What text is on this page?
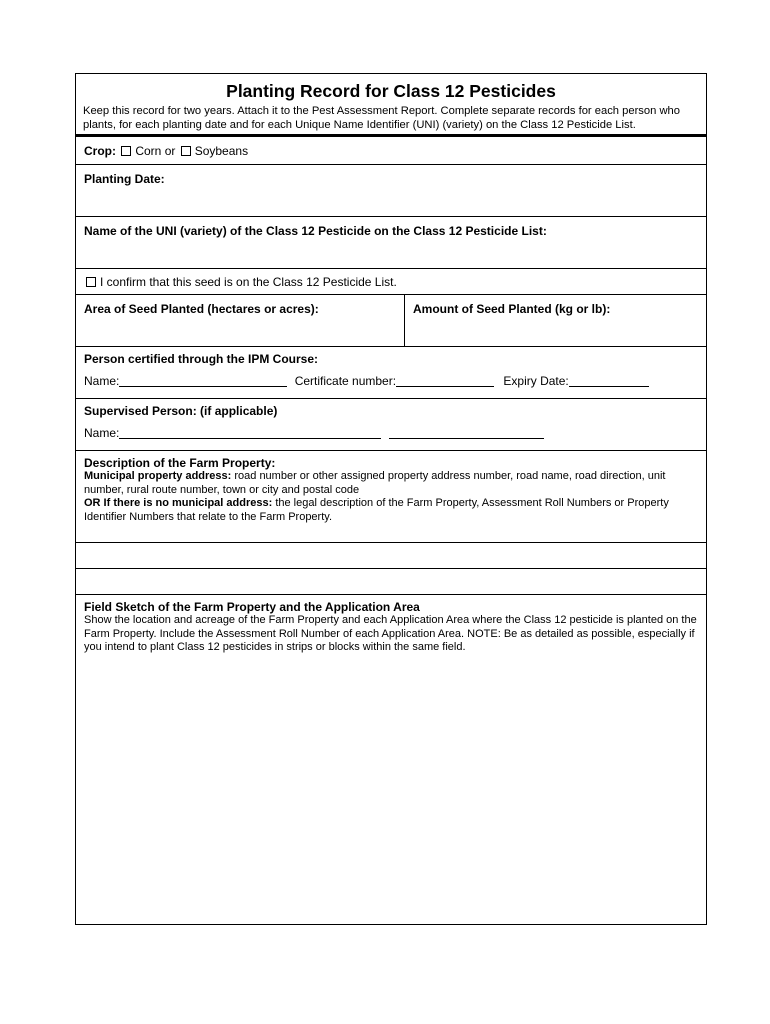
Planting Record for Class 12 Pesticides
Keep this record for two years. Attach it to the Pest Assessment Report. Complete separate records for each person who plants, for each planting date and for each Unique Name Identifier (UNI) (variety) on the Class 12 Pesticide List.
Crop: Corn or Soybeans
Planting Date:
Name of the UNI (variety) of the Class 12 Pesticide on the Class 12 Pesticide List:
I confirm that this seed is on the Class 12 Pesticide List.
Area of Seed Planted (hectares or acres):	Amount of Seed Planted (kg or lb):
Person certified through the IPM Course:
Name:	Certificate number:	Expiry Date:
Supervised Person: (if applicable)
Name:
Description of the Farm Property:
Municipal property address: road number or other assigned property address number, road name, road direction, unit number, rural route number, town or city and postal code
OR If there is no municipal address: the legal description of the Farm Property, Assessment Roll Numbers or Property Identifier Numbers that relate to the Farm Property.
Field Sketch of the Farm Property and the Application Area
Show the location and acreage of the Farm Property and each Application Area where the Class 12 pesticide is planted on the Farm Property. Include the Assessment Roll Number of each Application Area. NOTE: Be as detailed as possible, especially if you intend to plant Class 12 pesticides in strips or blocks within the same field.
